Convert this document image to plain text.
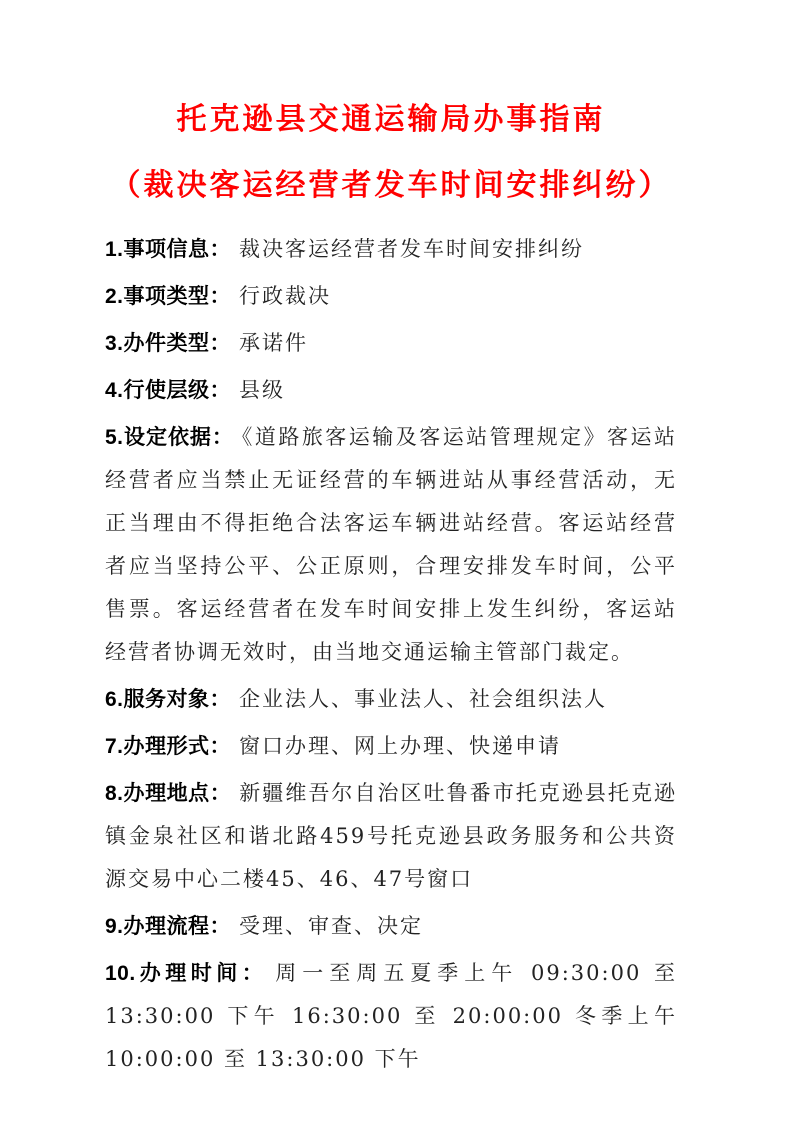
托克逊县交通运输局办事指南
（裁决客运经营者发车时间安排纠纷）

1.事项信息： 裁决客运经营者发车时间安排纠纷

2.事项类型： 行政裁决

3.办件类型： 承诺件

4.行使层级： 县级

5.设定依据： 《道路旅客运输及客运站管理规定》客运站经营者应当禁止无证经营的车辆进站从事经营活动，无正当理由不得拒绝合法客运车辆进站经营。客运站经营者应当坚持公平、公正原则，合理安排发车时间，公平售票。客运经营者在发车时间安排上发生纠纷，客运站经营者协调无效时，由当地交通运输主管部门裁定。

6.服务对象： 企业法人、事业法人、社会组织法人

7.办理形式： 窗口办理、网上办理、快递申请

8.办理地点： 新疆维吾尔自治区吐鲁番市托克逊县托克逊镇金泉社区和谐北路459号托克逊县政务服务和公共资源交易中心二楼45、46、47号窗口

9.办理流程： 受理、审查、决定

10.办理时间： 周一至周五夏季上午 09:30:00 至 13:30:00 下午 16:30:00 至 20:00:00 冬季上午 10:00:00 至 13:30:00 下午
